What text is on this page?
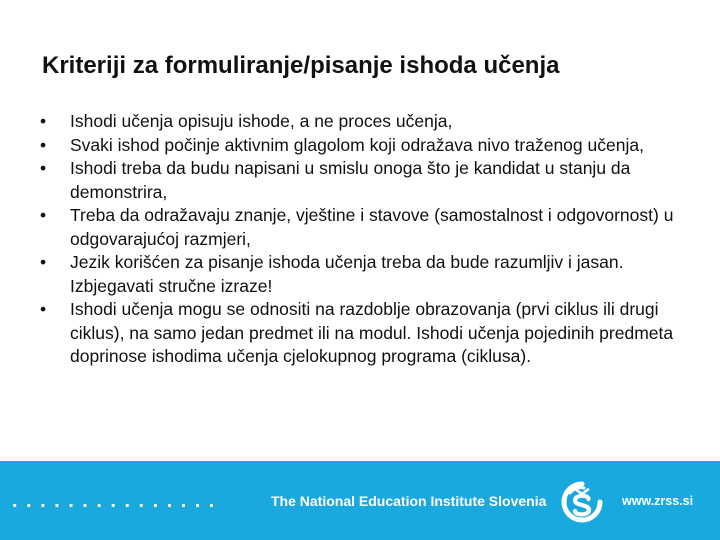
Kriteriji za formuliranje/pisanje ishoda učenja
•	Ishodi učenja opisuju ishode, a ne proces učenja,
•	Svaki ishod počinje aktivnim glagolom koji odražava nivo traženog učenja,
•	Ishodi treba da budu napisani u smislu onoga što je kandidat u stanju da demonstrira,
•	Treba da odražavaju znanje, vještine i stavove (samostalnost i odgovornost) u odgovarajućoj razmjeri,
•	Jezik korišćen za pisanje ishoda učenja treba da bude razumljiv i jasan. Izbjegavati stručne izraze!
•	Ishodi učenja mogu se odnositi na razdoblje obrazovanja (prvi ciklus ili drugi ciklus), na samo jedan predmet ili na modul. Ishodi učenja pojedinih predmeta doprinose ishodima učenja cjelokupnog programa (ciklusa).
...............	The National Education Institute Slovenia	www.zrss.si
